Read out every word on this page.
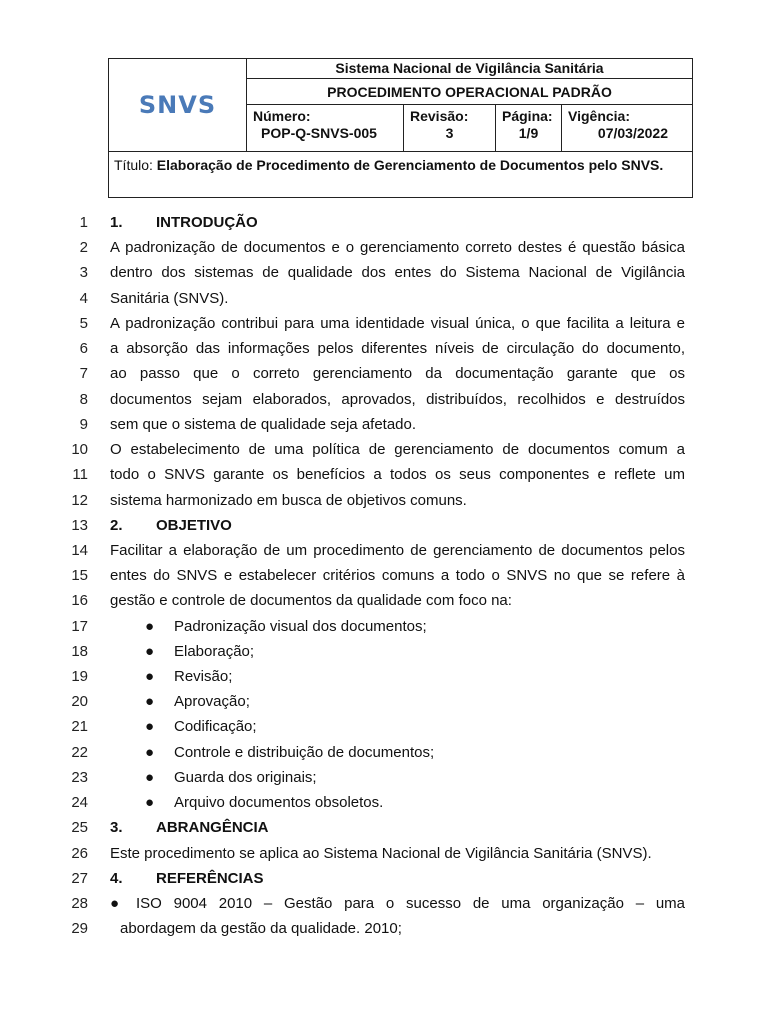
SNVS
Sistema Nacional de Vigilância Sanitária
PROCEDIMENTO OPERACIONAL PADRÃO
Número:
POP-Q-SNVS-005
Revisão:
3
Página:
1/9
Vigência:
07/03/2022
Título: Elaboração de Procedimento de Gerenciamento de Documentos pelo SNVS.
1 1. INTRODUÇÃO
2 A padronização de documentos e o gerenciamento correto destes é questão básica
3 dentro dos sistemas de qualidade dos entes do Sistema Nacional de Vigilância
4 Sanitária (SNVS).
5 A padronização contribui para uma identidade visual única, o que facilita a leitura e
6 a absorção das informações pelos diferentes níveis de circulação do documento,
7 ao passo que o correto gerenciamento da documentação garante que os
8 documentos sejam elaborados, aprovados, distribuídos, recolhidos e destruídos
9 sem que o sistema de qualidade seja afetado.
10 O estabelecimento de uma política de gerenciamento de documentos comum a
11 todo o SNVS garante os benefícios a todos os seus componentes e reflete um
12 sistema harmonizado em busca de objetivos comuns.
13 2. OBJETIVO
14 Facilitar a elaboração de um procedimento de gerenciamento de documentos pelos
15 entes do SNVS e estabelecer critérios comuns a todo o SNVS no que se refere à
16 gestão e controle de documentos da qualidade com foco na:
17	● Padronização visual dos documentos;
18	● Elaboração;
19	● Revisão;
20	● Aprovação;
21	● Codificação;
22	● Controle e distribuição de documentos;
23	● Guarda dos originais;
24	● Arquivo documentos obsoletos.
25 3. ABRANGÊNCIA
26 Este procedimento se aplica ao Sistema Nacional de Vigilância Sanitária (SNVS).
27 4. REFERÊNCIAS
28 ● ISO 9004 2010 – Gestão para o sucesso de uma organização – uma
29 abordagem da gestão da qualidade. 2010;
